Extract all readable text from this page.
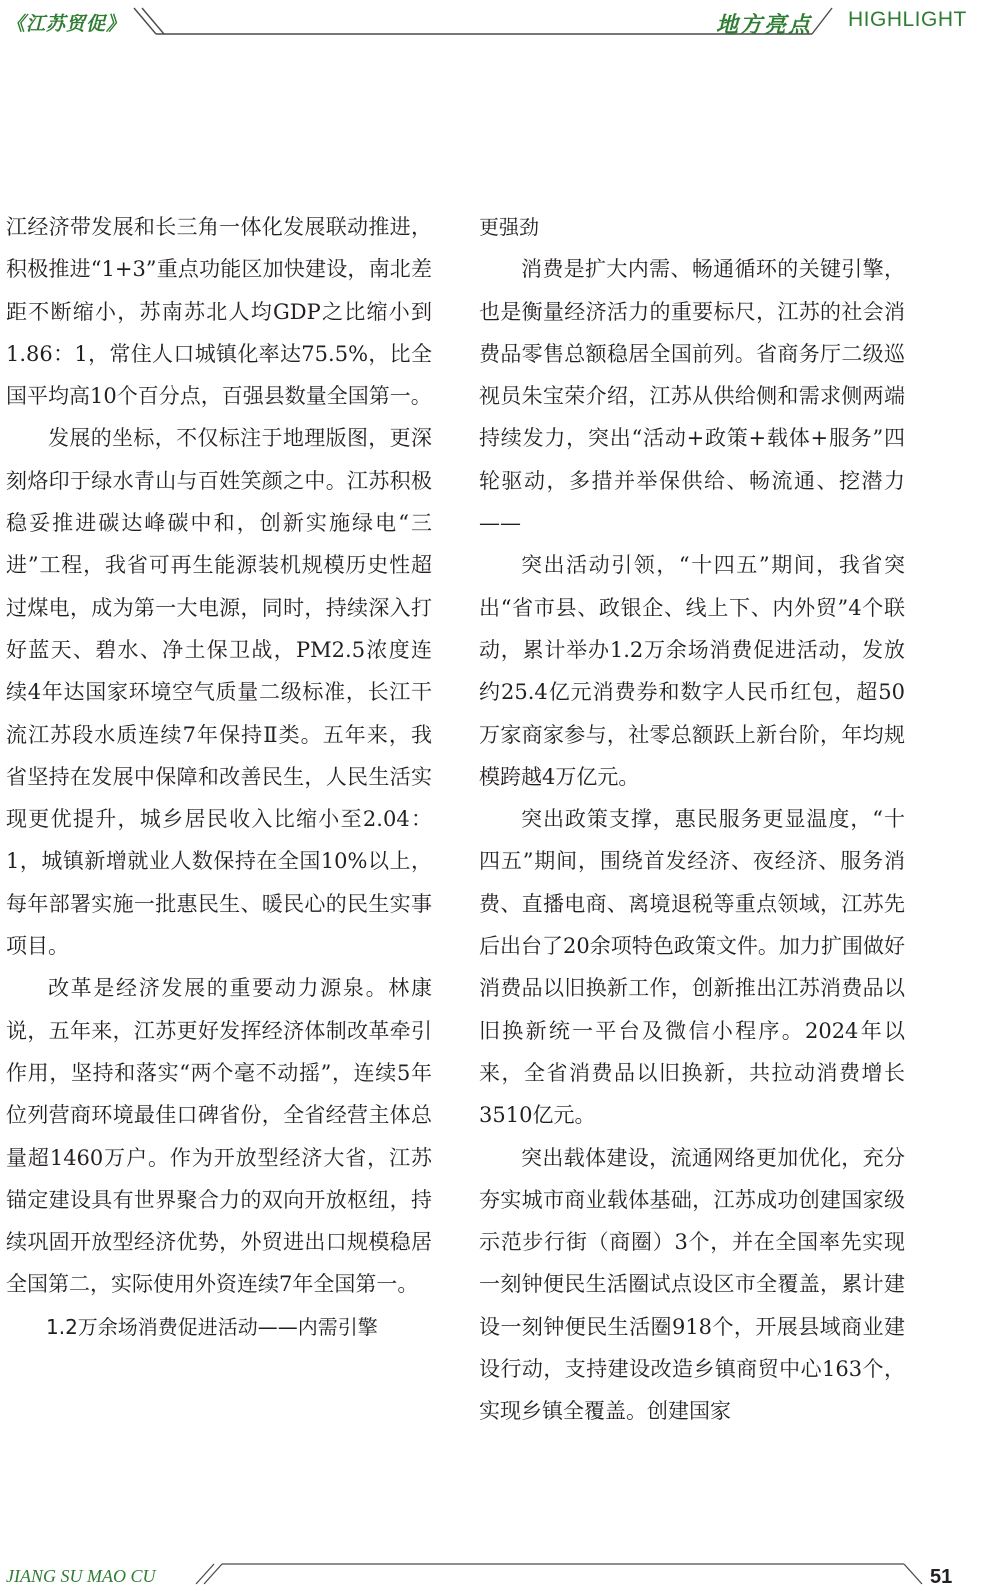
《江苏贸促》	地方亮点 HIGHLIGHT

江经济带发展和长三角一体化发展联动推进，积极推进“1+3”重点功能区加快建设，南北差距不断缩小，苏南苏北人均GDP之比缩小到1.86：1，常住人口城镇化率达75.5%，比全国平均高10个百分点，百强县数量全国第一。

发展的坐标，不仅标注于地理版图，更深刻烙印于绿水青山与百姓笑颜之中。江苏积极稳妥推进碳达峰碳中和，创新实施绿电“三进”工程，我省可再生能源装机规模历史性超过煤电，成为第一大电源，同时，持续深入打好蓝天、碧水、净土保卫战，PM2.5浓度连续4年达国家环境空气质量二级标准，长江干流江苏段水质连续7年保持Ⅱ类。五年来，我省坚持在发展中保障和改善民生，人民生活实现更优提升，城乡居民收入比缩小至2.04：1，城镇新增就业人数保持在全国10%以上，每年部署实施一批惠民生、暖民心的民生实事项目。

改革是经济发展的重要动力源泉。林康说，五年来，江苏更好发挥经济体制改革牵引作用，坚持和落实“两个毫不动摇”，连续5年位列营商环境最佳口碑省份，全省经营主体总量超1460万户。作为开放型经济大省，江苏锚定建设具有世界聚合力的双向开放枢纽，持续巩固开放型经济优势，外贸进出口规模稳居全国第二，实际使用外资连续7年全国第一。

1.2万余场消费促进活动——内需引擎

更强劲

消费是扩大内需、畅通循环的关键引擎，也是衡量经济活力的重要标尺，江苏的社会消费品零售总额稳居全国前列。省商务厅二级巡视员朱宝荣介绍，江苏从供给侧和需求侧两端持续发力，突出“活动+政策+载体+服务”四轮驱动，多措并举保供给、畅流通、挖潜力——

突出活动引领，“十四五”期间，我省突出“省市县、政银企、线上下、内外贸”4个联动，累计举办1.2万余场消费促进活动，发放约25.4亿元消费券和数字人民币红包，超50万家商家参与，社零总额跃上新台阶，年均规模跨越4万亿元。

突出政策支撑，惠民服务更显温度，“十四五”期间，围绕首发经济、夜经济、服务消费、直播电商、离境退税等重点领域，江苏先后出台了20余项特色政策文件。加力扩围做好消费品以旧换新工作，创新推出江苏消费品以旧换新统一平台及微信小程序。2024年以来，全省消费品以旧换新，共拉动消费增长3510亿元。

突出载体建设，流通网络更加优化，充分夯实城市商业载体基础，江苏成功创建国家级示范步行街（商圈）3个，并在全国率先实现一刻钟便民生活圈试点设区市全覆盖，累计建设一刻钟便民生活圈918个，开展县域商业建设行动，支持建设改造乡镇商贸中心163个，实现乡镇全覆盖。创建国家

JIANG SU MAO CU	51
